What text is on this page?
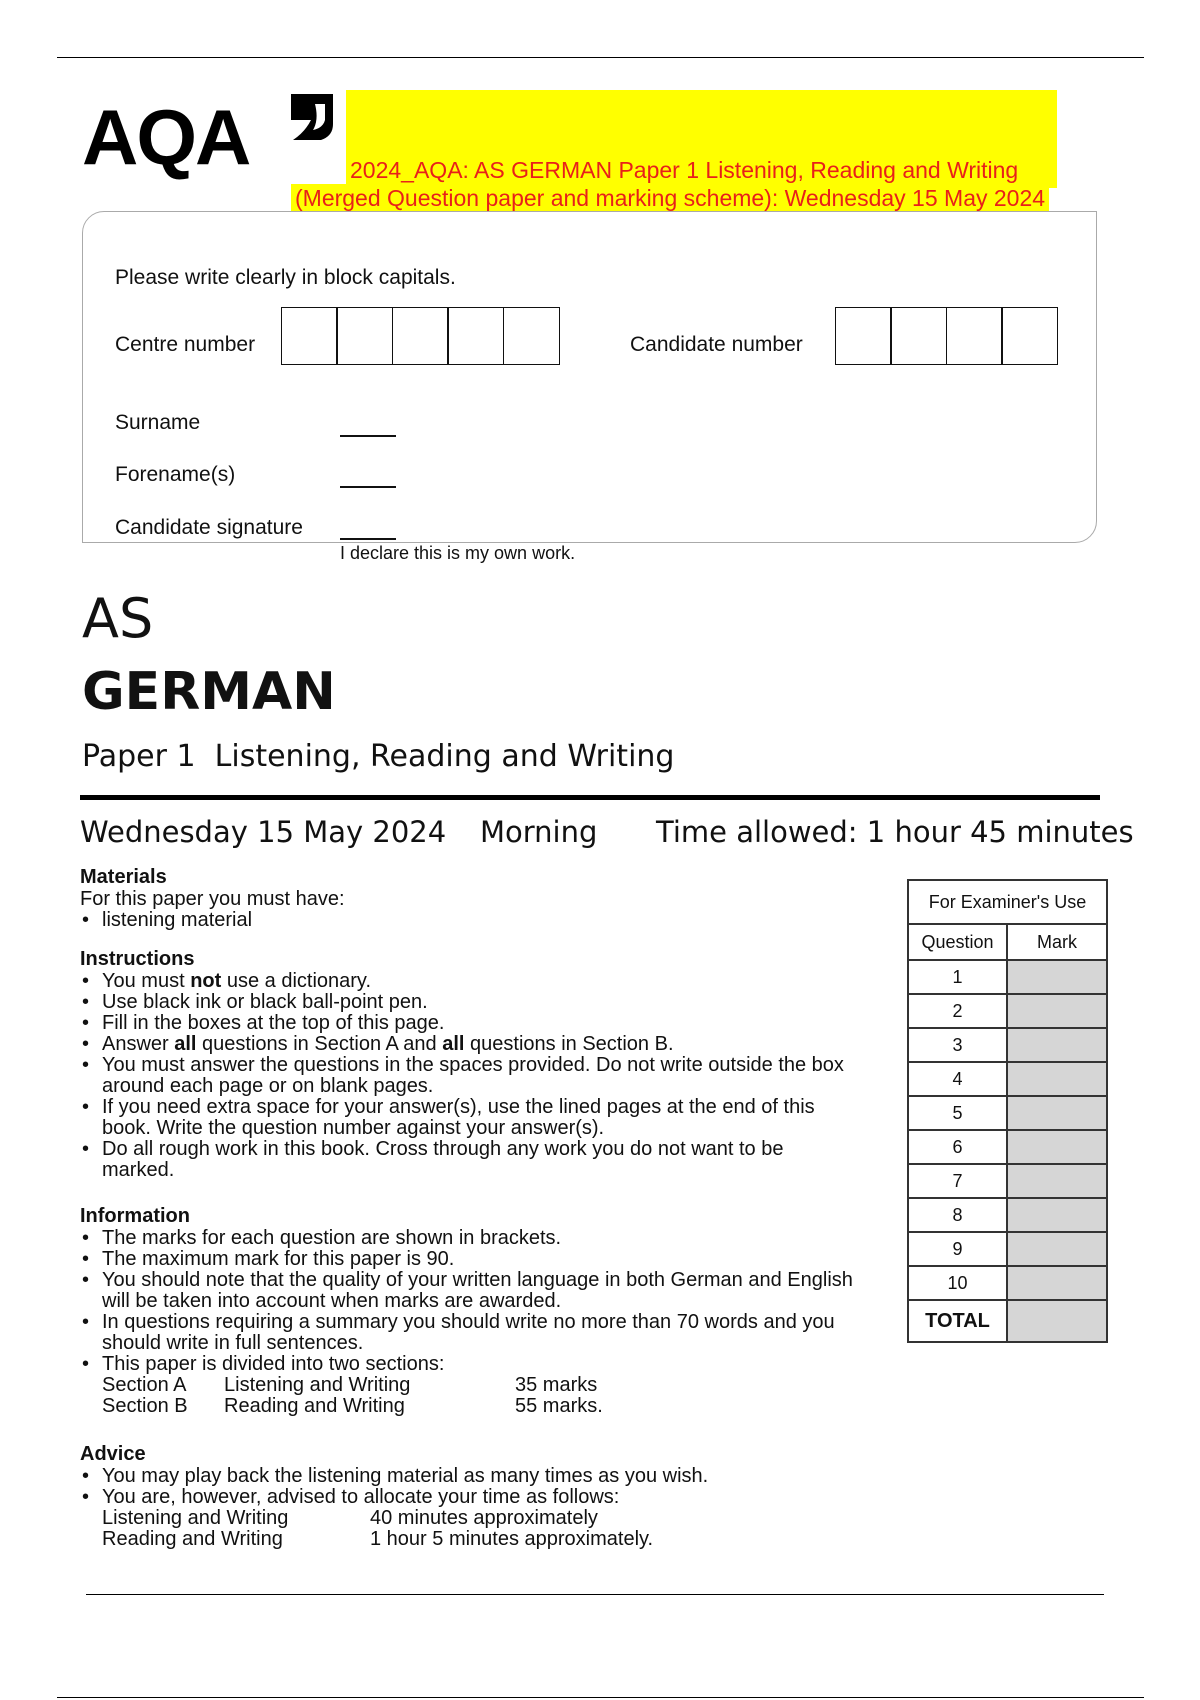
AQA	2024_AQA: AS GERMAN Paper 1 Listening, Reading and Writing
(Merged Question paper and marking scheme): Wednesday 15 May 2024
Please write clearly in block capitals.
Centre number	Candidate number
Surname
Forename(s)
Candidate signature
I declare this is my own work.
AS
GERMAN
Paper 1  Listening, Reading and Writing
Wednesday 15 May 2024 Morning Time allowed: 1 hour 45 minutes
Materials
For this paper you must have:
• listening material
Instructions
• You must not use a dictionary.
• Use black ink or black ball-point pen.
• Fill in the boxes at the top of this page.
• Answer all questions in Section A and all questions in Section B.
• You must answer the questions in the spaces provided. Do not write outside the box around each page or on blank pages.
• If you need extra space for your answer(s), use the lined pages at the end of this book. Write the question number against your answer(s).
• Do all rough work in this book. Cross through any work you do not want to be marked.
Information
• The marks for each question are shown in brackets.
• The maximum mark for this paper is 90.
• You should note that the quality of your written language in both German and English will be taken into account when marks are awarded.
• In questions requiring a summary you should write no more than 70 words and you should write in full sentences.
• This paper is divided into two sections:
Section A	Listening and Writing	35 marks
Section B	Reading and Writing	55 marks.
Advice
• You may play back the listening material as many times as you wish.
• You are, however, advised to allocate your time as follows:
Listening and Writing	40 minutes approximately
Reading and Writing	1 hour 5 minutes approximately.
For Examiner's Use	
Question	Mark
1	
2	
3	
4	
5	
6	
7	
8	
9	
10	
TOTAL	
